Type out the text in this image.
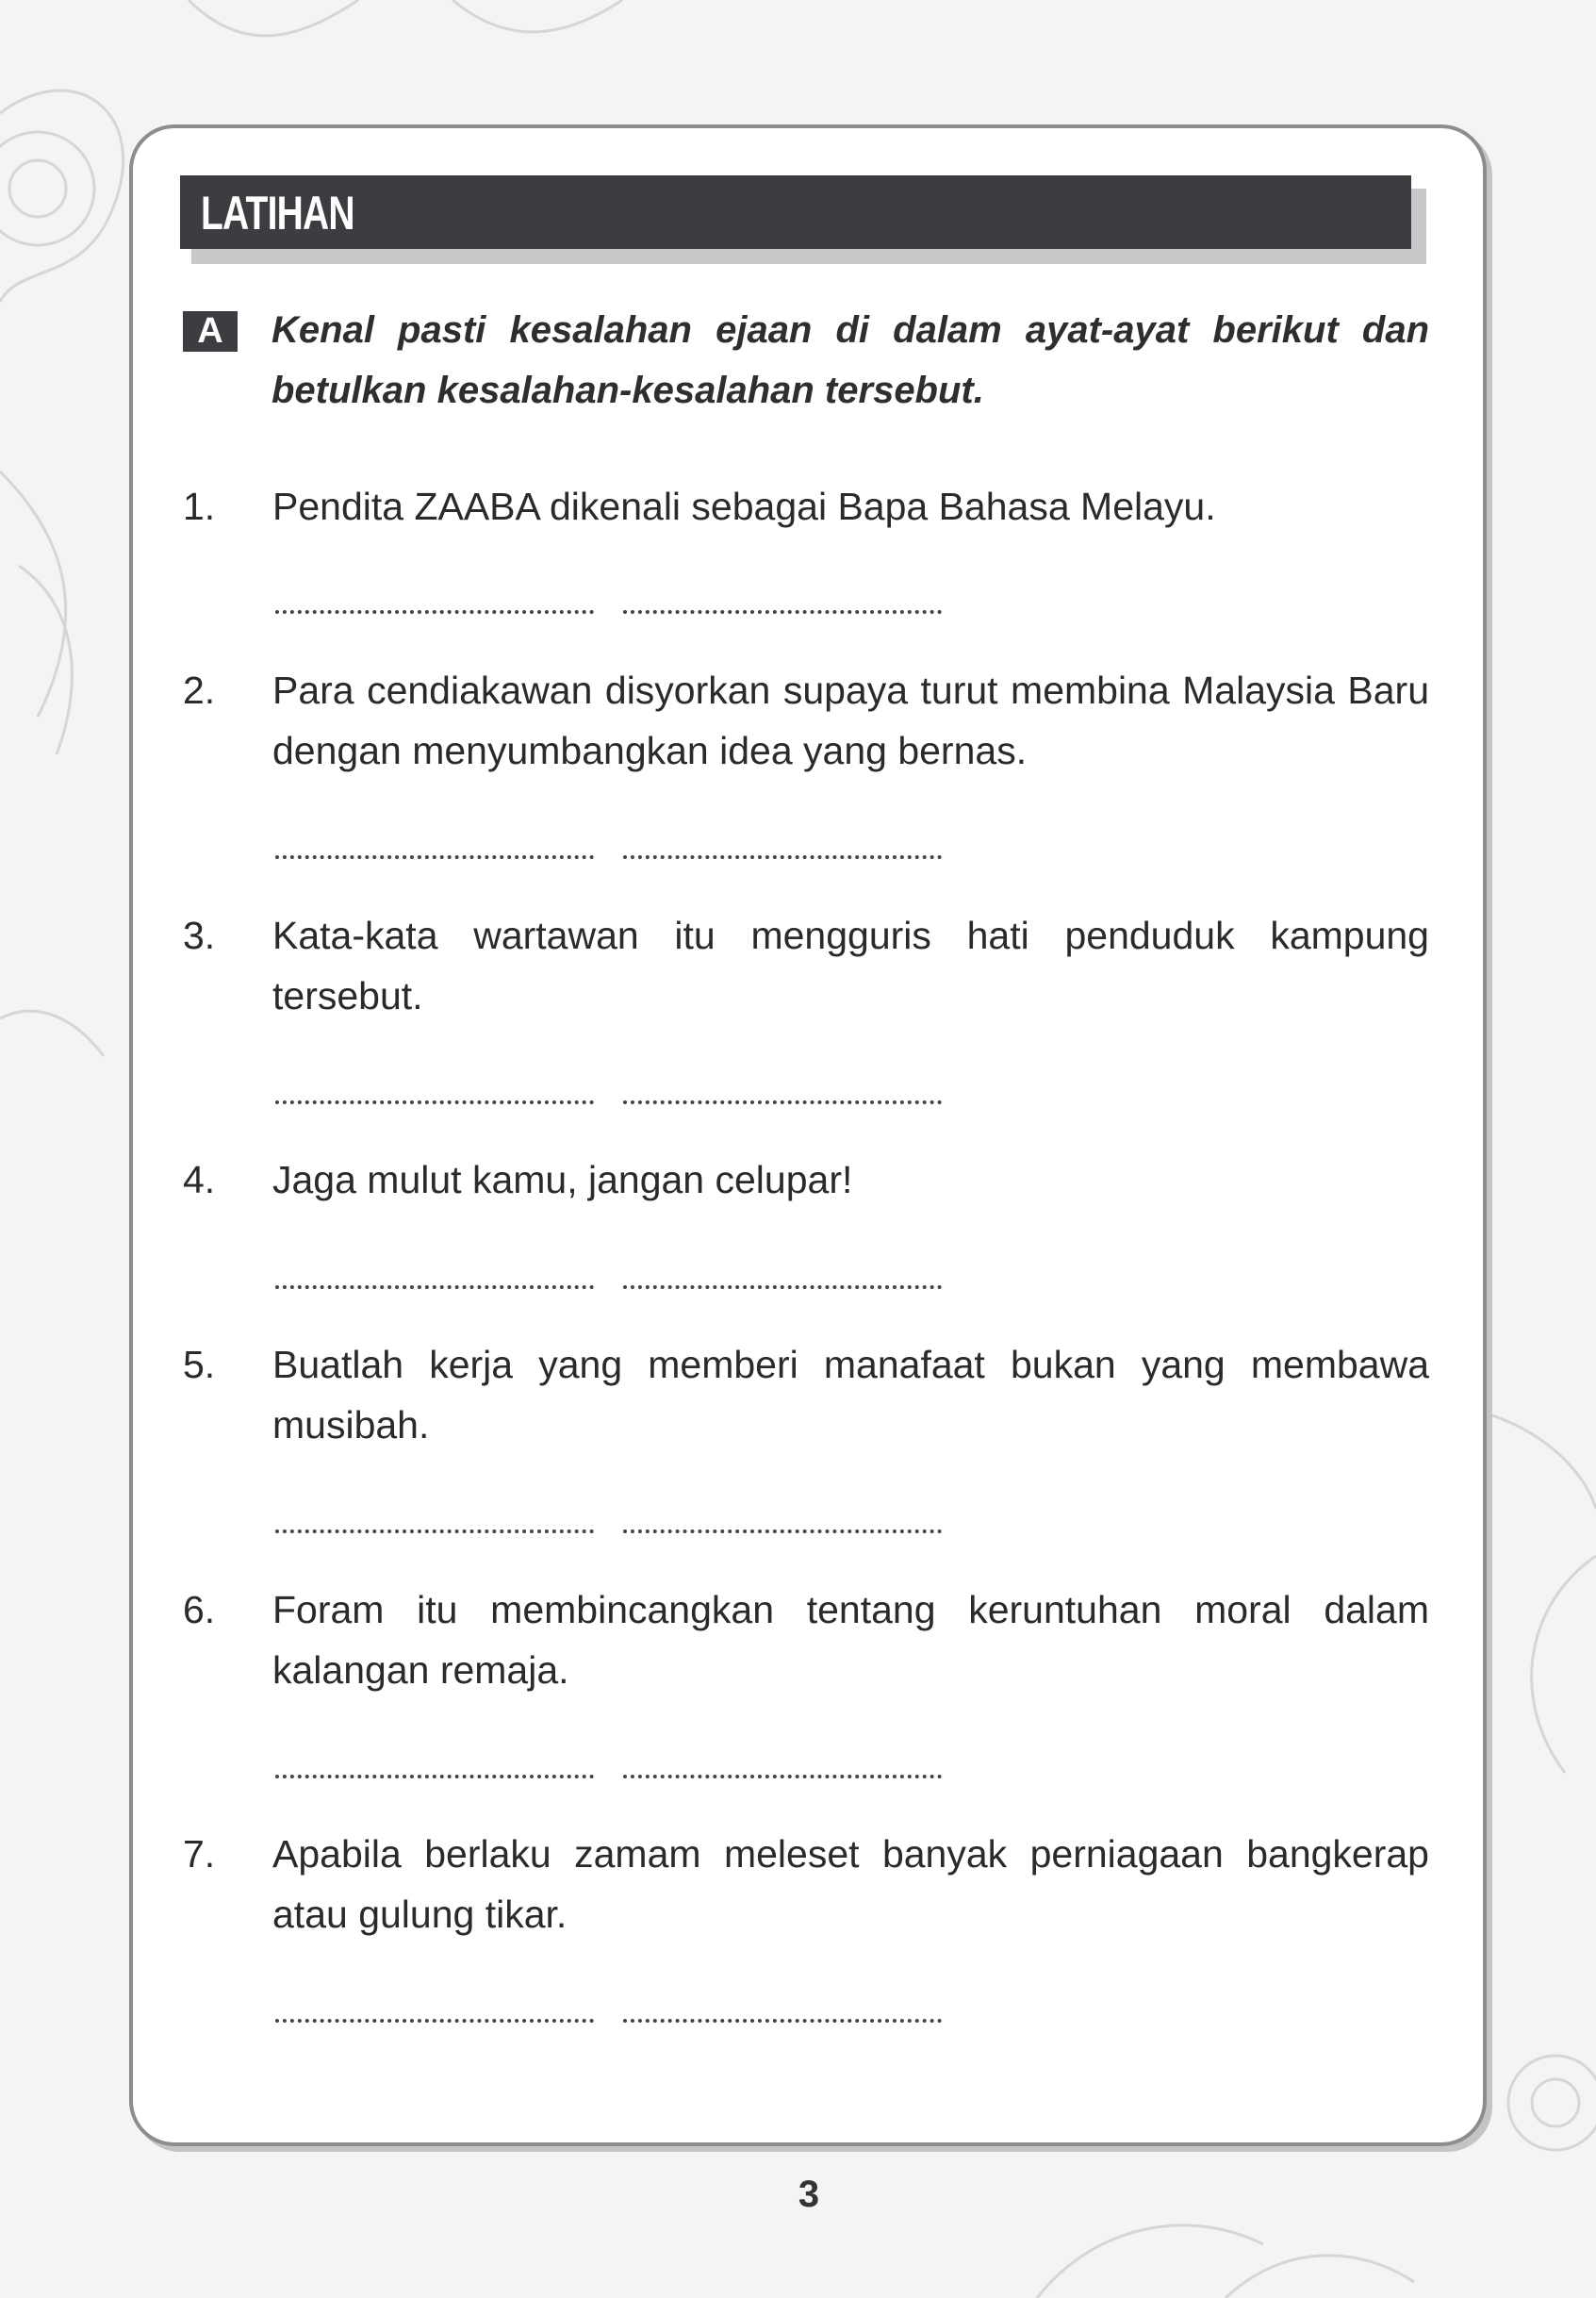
LATIHAN
A	Kenal pasti kesalahan ejaan di dalam ayat-ayat berikut dan betulkan kesalahan-kesalahan tersebut.
1. Pendita ZAABA dikenali sebagai Bapa Bahasa Melayu.
2. Para cendiakawan disyorkan supaya turut membina Malaysia Baru dengan menyumbangkan idea yang bernas.
3. Kata-kata wartawan itu mengguris hati penduduk kampung tersebut.
4. Jaga mulut kamu, jangan celupar!
5. Buatlah kerja yang memberi manafaat bukan yang membawa musibah.
6. Foram itu membincangkan tentang keruntuhan moral dalam kalangan remaja.
7. Apabila berlaku zamam meleset banyak perniagaan bangkerap atau gulung tikar.
3
